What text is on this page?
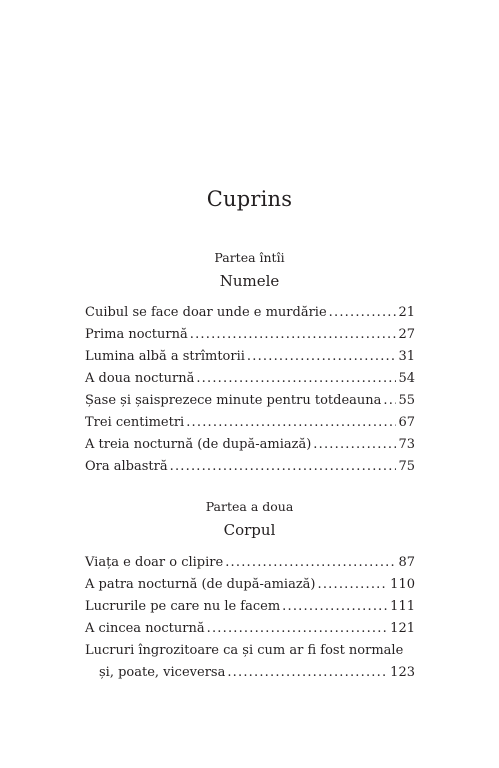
Cuprins
Partea întîi
Numele
Cuibul se face doar unde e murdărie .....	21
Prima nocturnă .....	27
Lumina albă a strîmtorii .....	31
A doua nocturnă .....	54
Șase și șaisprezece minute pentru totdeauna ..... 55
Trei centimetri .....	67
A treia nocturnă (de după-amiază) .....	73
Ora albastră .....	75
Partea a doua
Corpul
Viața e doar o clipire .....	87
A patra nocturnă (de după-amiază) .....	110
Lucrurile pe care nu le facem .....	111
A cincea nocturnă .....	121
Lucruri îngrozitoare ca și cum ar fi fost normale
și, poate, viceversa .....	123
